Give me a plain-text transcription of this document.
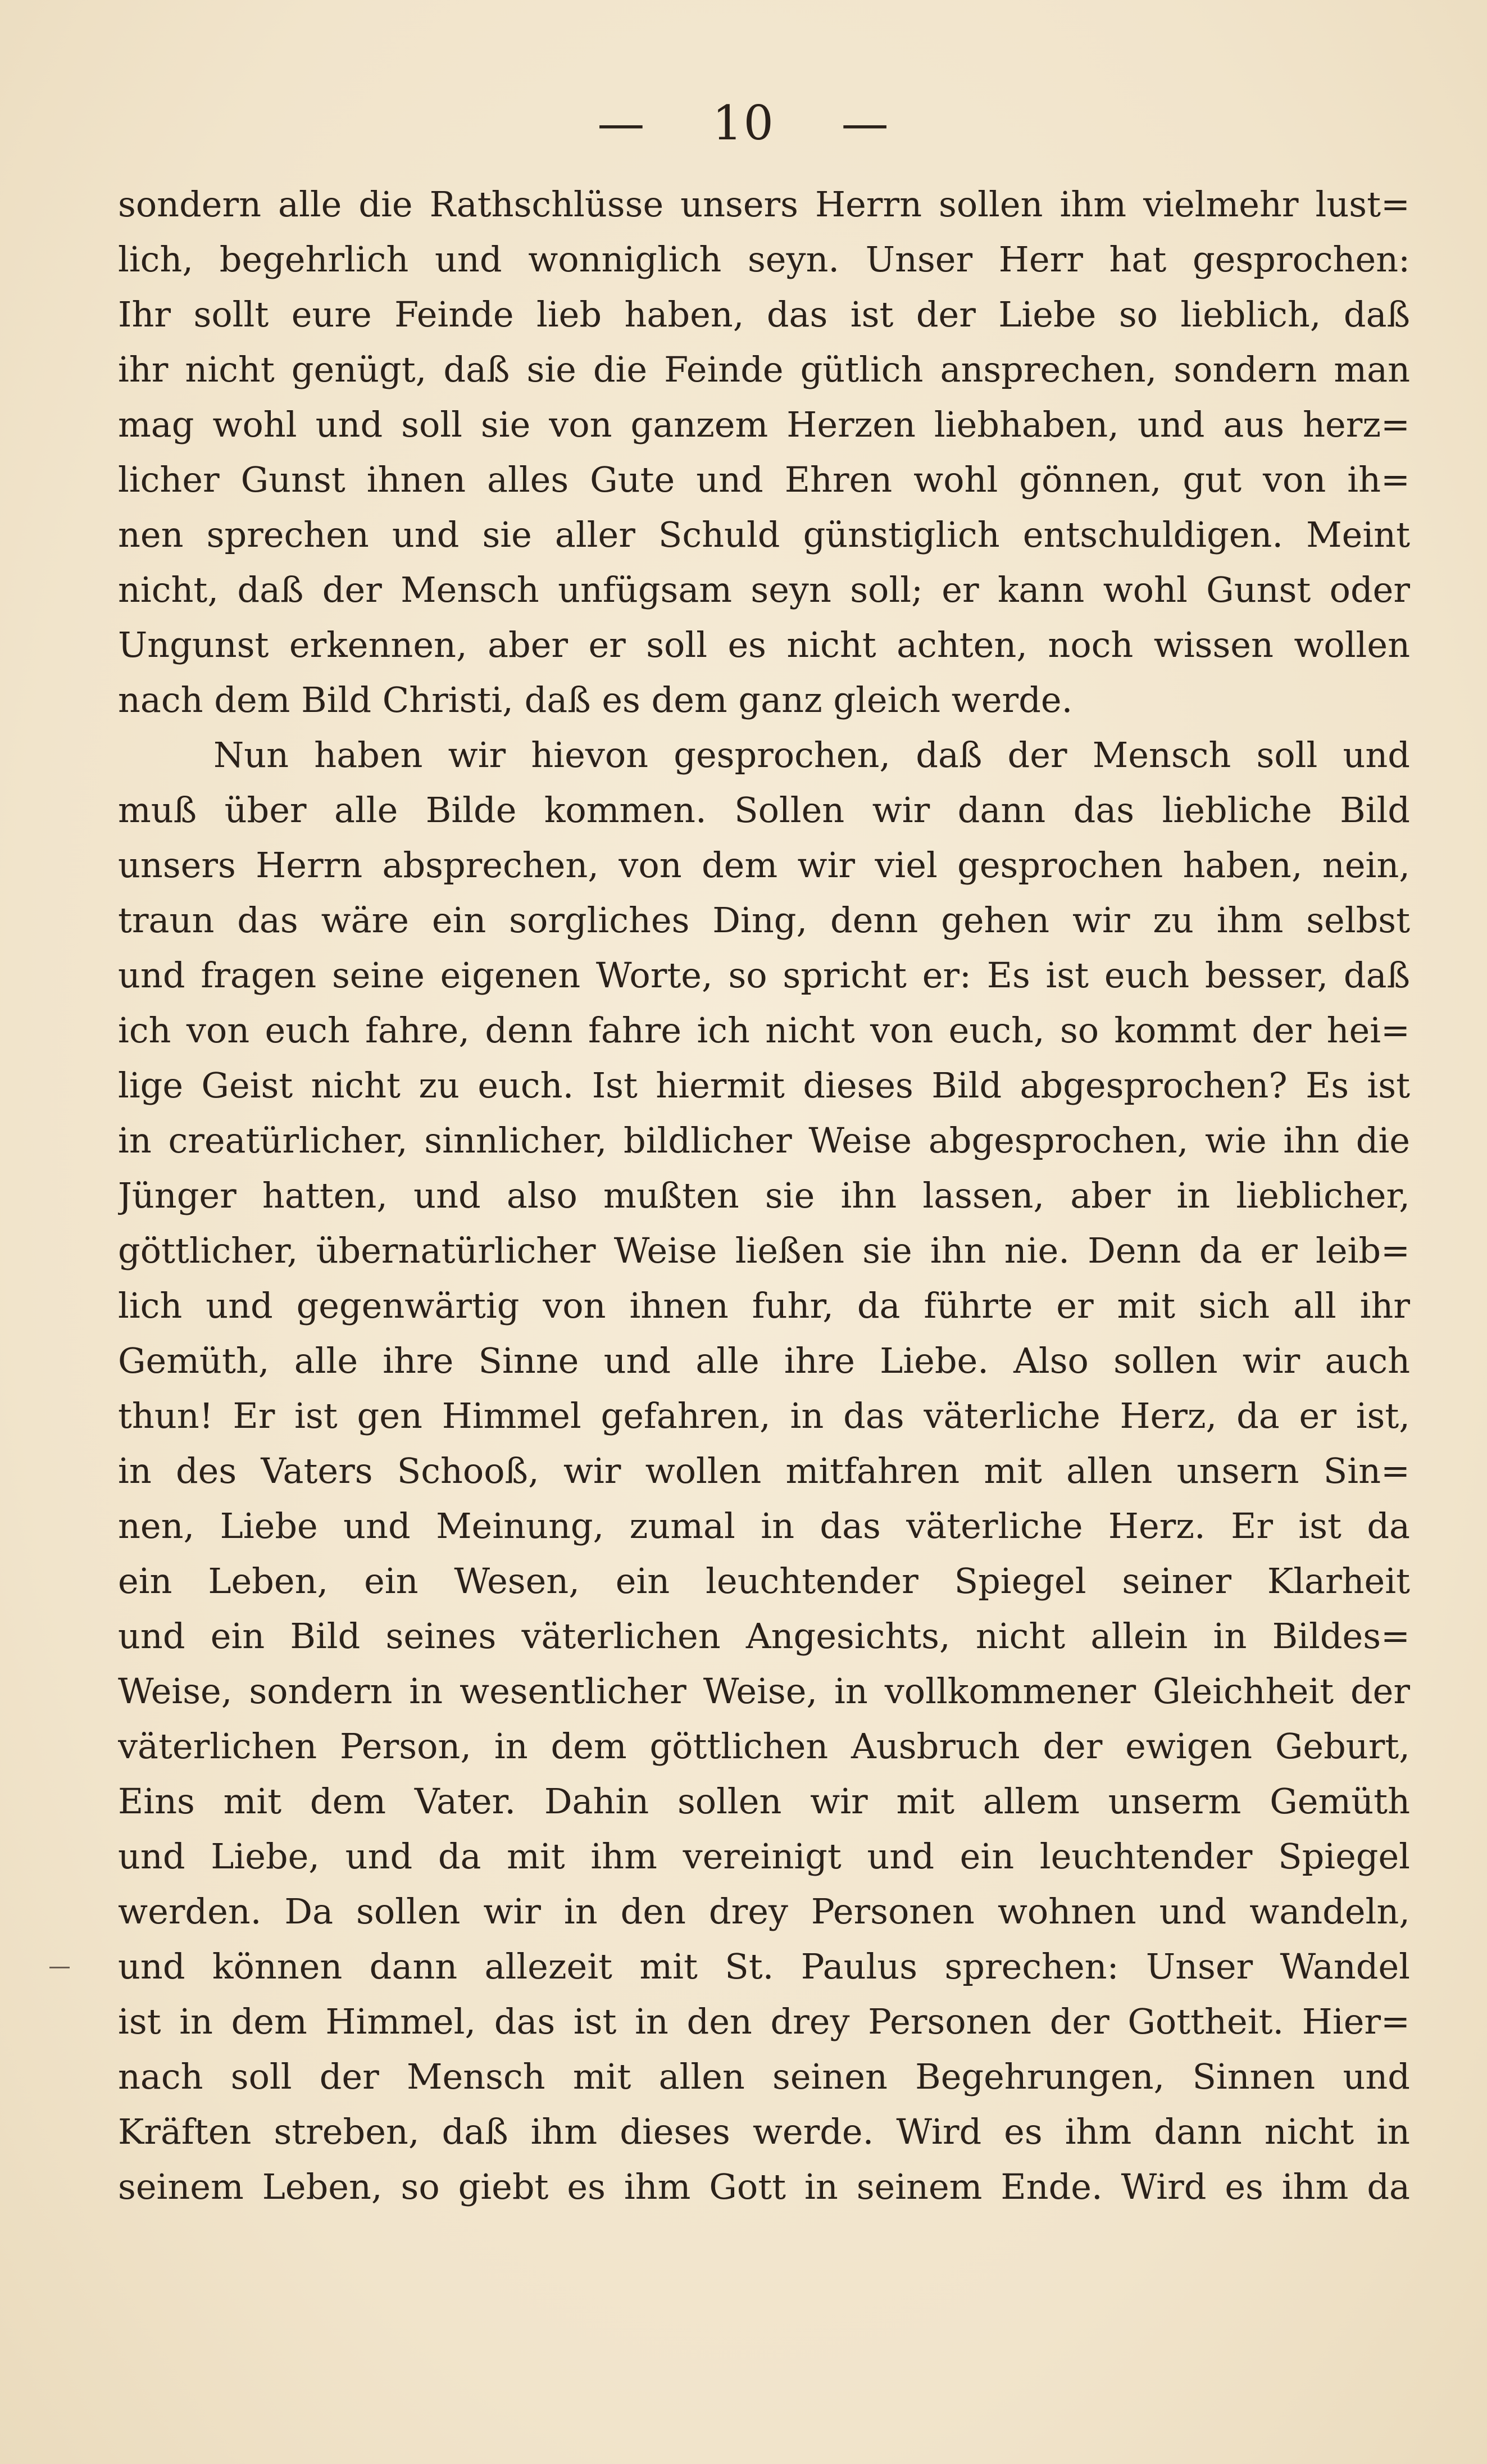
— 10 —
sondern alle die Rathschlüsse unsers Herrn sollen ihm vielmehr lust=
lich, begehrlich und wonniglich seyn. Unser Herr hat gesprochen:
Ihr sollt eure Feinde lieb haben, das ist der Liebe so lieblich, daß
ihr nicht genügt, daß sie die Feinde gütlich ansprechen, sondern man
mag wohl und soll sie von ganzem Herzen liebhaben, und aus herz=
licher Gunst ihnen alles Gute und Ehren wohl gönnen, gut von ih=
nen sprechen und sie aller Schuld günstiglich entschuldigen. Meint
nicht, daß der Mensch unfügsam seyn soll; er kann wohl Gunst oder
Ungunst erkennen, aber er soll es nicht achten, noch wissen wollen
nach dem Bild Christi, daß es dem ganz gleich werde.
Nun haben wir hievon gesprochen, daß der Mensch soll und
muß über alle Bilde kommen. Sollen wir dann das liebliche Bild
unsers Herrn absprechen, von dem wir viel gesprochen haben, nein,
traun das wäre ein sorgliches Ding, denn gehen wir zu ihm selbst
und fragen seine eigenen Worte, so spricht er: Es ist euch besser, daß
ich von euch fahre, denn fahre ich nicht von euch, so kommt der hei=
lige Geist nicht zu euch. Ist hiermit dieses Bild abgesprochen? Es ist
in creatürlicher, sinnlicher, bildlicher Weise abgesprochen, wie ihn die
Jünger hatten, und also mußten sie ihn lassen, aber in lieblicher,
göttlicher, übernatürlicher Weise ließen sie ihn nie. Denn da er leib=
lich und gegenwärtig von ihnen fuhr, da führte er mit sich all ihr
Gemüth, alle ihre Sinne und alle ihre Liebe. Also sollen wir auch
thun! Er ist gen Himmel gefahren, in das väterliche Herz, da er ist,
in des Vaters Schooß, wir wollen mitfahren mit allen unsern Sin=
nen, Liebe und Meinung, zumal in das väterliche Herz. Er ist da
ein Leben, ein Wesen, ein leuchtender Spiegel seiner Klarheit
und ein Bild seines väterlichen Angesichts, nicht allein in Bildes=
Weise, sondern in wesentlicher Weise, in vollkommener Gleichheit der
väterlichen Person, in dem göttlichen Ausbruch der ewigen Geburt,
Eins mit dem Vater. Dahin sollen wir mit allem unserm Gemüth
und Liebe, und da mit ihm vereinigt und ein leuchtender Spiegel
werden. Da sollen wir in den drey Personen wohnen und wandeln,
und können dann allezeit mit St. Paulus sprechen: Unser Wandel
ist in dem Himmel, das ist in den drey Personen der Gottheit. Hier=
nach soll der Mensch mit allen seinen Begehrungen, Sinnen und
Kräften streben, daß ihm dieses werde. Wird es ihm dann nicht in
seinem Leben, so giebt es ihm Gott in seinem Ende. Wird es ihm da
